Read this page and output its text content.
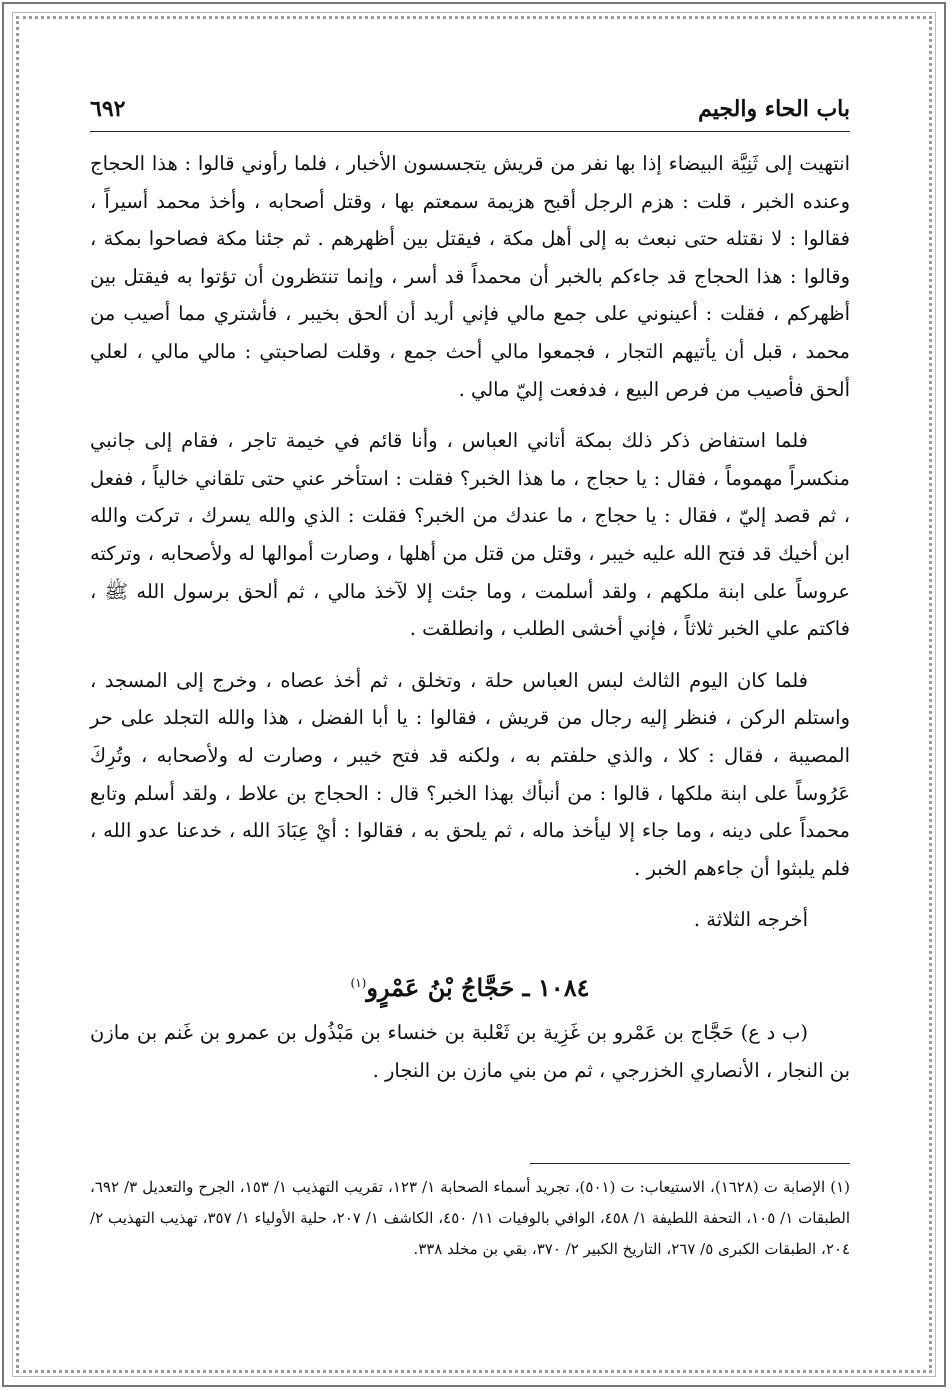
باب الحاء والجيم
٦٩٢

انتهيت إلى ثَنِيَّة البيضاء إذا بها نفر من قريش يتجسسون الأخبار ، فلما رأوني قالوا : هذا الحجاج وعنده الخبر ، قلت : هزم الرجل أقبح هزيمة سمعتم بها ، وقتل أصحابه ، وأخذ محمد أسيراً ، فقالوا : لا نقتله حتى نبعث به إلى أهل مكة ، فيقتل بين أظهرهم . ثم جئنا مكة فصاحوا بمكة ، وقالوا : هذا الحجاج قد جاءكم بالخبر أن محمداً قد أسر ، وإنما تنتظرون أن تؤتوا به فيقتل بين أظهركم ، فقلت : أعينوني على جمع مالي فإني أريد أن ألحق بخيبر ، فأشتري مما أصيب من محمد ، قبل أن يأتيهم التجار ، فجمعوا مالي أحث جمع ، وقلت لصاحبتي : مالي مالي ، لعلي ألحق فأصيب من فرص البيع ، فدفعت إليّ مالي .

فلما استفاض ذكر ذلك بمكة أتاني العباس ، وأنا قائم في خيمة تاجر ، فقام إلى جانبي منكسراً مهموماً ، فقال : يا حجاج ، ما هذا الخبر؟ فقلت : استأخر عني حتى تلقاني خالياً ، ففعل ، ثم قصد إليّ ، فقال : يا حجاج ، ما عندك من الخبر؟ فقلت : الذي والله يسرك ، تركت والله ابن أخيك قد فتح الله عليه خيبر ، وقتل من قتل من أهلها ، وصارت أموالها له ولأصحابه ، وتركته عروساً على ابنة ملكهم ، ولقد أسلمت ، وما جئت إلا لآخذ مالي ، ثم ألحق برسول الله ﷺ ، فاكتم علي الخبر ثلاثاً ، فإني أخشى الطلب ، وانطلقت .

فلما كان اليوم الثالث لبس العباس حلة ، وتخلق ، ثم أخذ عصاه ، وخرج إلى المسجد ، واستلم الركن ، فنظر إليه رجال من قريش ، فقالوا : يا أبا الفضل ، هذا والله التجلد على حر المصيبة ، فقال : كلا ، والذي حلفتم به ، ولكنه قد فتح خيبر ، وصارت له ولأصحابه ، وتُرِكَ عَرُوساً على ابنة ملكها ، قالوا : من أنبأك بهذا الخبر؟ قال : الحجاج بن علاط ، ولقد أسلم وتابع محمداً على دينه ، وما جاء إلا ليأخذ ماله ، ثم يلحق به ، فقالوا : أيْ عِبَادَ الله ، خدعنا عدو الله ، فلم يلبثوا أن جاءهم الخبر .

أخرجه الثلاثة .

١٠٨٤ ـ حَجَّاجُ بْنُ عَمْرٍو$^{(١)}$

(ب د ع) حَجَّاج بن عَمْرو بن غَزِية بن ثَعْلبة بن خنساء بن مَبْذُول بن عمرو بن غَنم بن مازن بن النجار ، الأنصاري الخزرجي ، ثم من بني مازن بن النجار .

(١) الإصابة ت (١٦٢٨)، الاستيعاب: ت (٥٠١)، تجريد أسماء الصحابة ١/ ١٢٣، تقريب التهذيب ١/ ١٥٣، الجرح والتعديل ٣/ ٦٩٢، الطبقات ١/ ١٠٥، التحفة اللطيفة ١/ ٤٥٨، الوافي بالوفيات ١١/ ٤٥٠، الكاشف ١/ ٢٠٧، حلية الأولياء ١/ ٣٥٧، تهذيب التهذيب ٢/ ٢٠٤، الطبقات الكبرى ٥/ ٢٦٧، التاريخ الكبير ٢/ ٣٧٠، بقي بن مخلد ٣٣٨.
